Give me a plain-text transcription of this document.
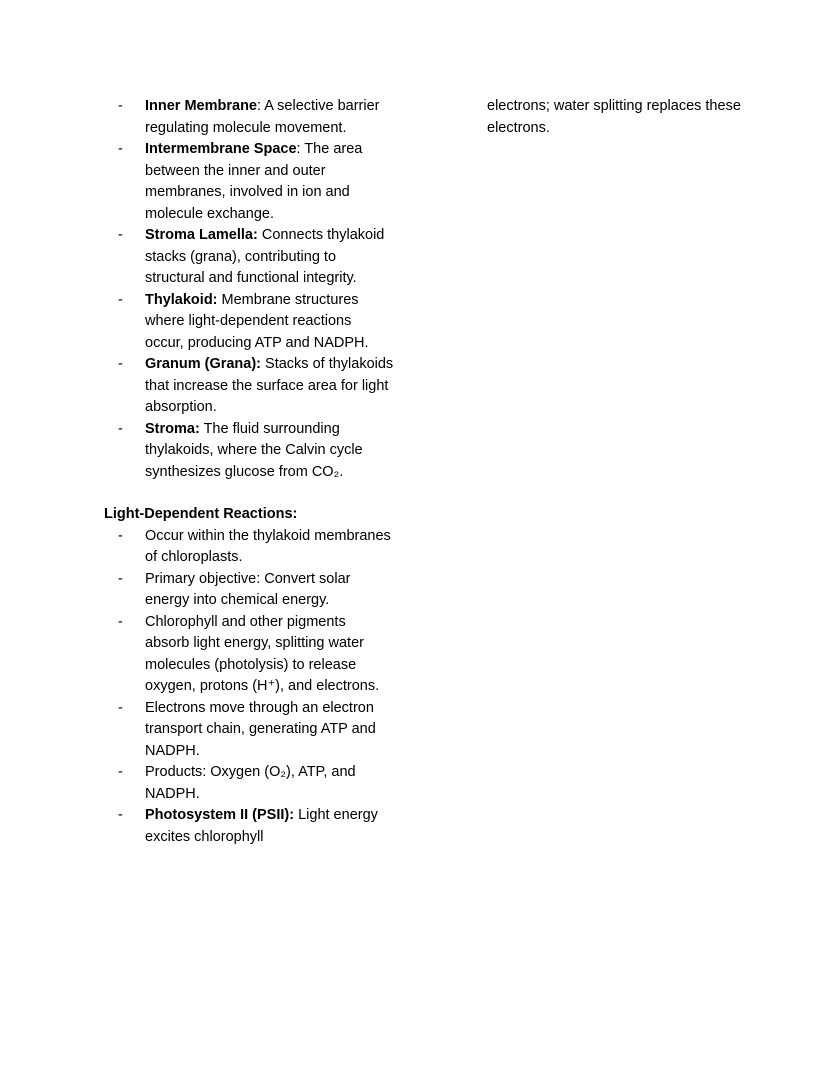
- Inner Membrane: A selective barrier regulating molecule movement.
- Intermembrane Space: The area between the inner and outer membranes, involved in ion and molecule exchange.
- Stroma Lamella: Connects thylakoid stacks (grana), contributing to structural and functional integrity.
- Thylakoid: Membrane structures where light-dependent reactions occur, producing ATP and NADPH.
- Granum (Grana): Stacks of thylakoids that increase the surface area for light absorption.
- Stroma: The fluid surrounding thylakoids, where the Calvin cycle synthesizes glucose from CO₂.
Light-Dependent Reactions:
- Occur within the thylakoid membranes of chloroplasts.
- Primary objective: Convert solar energy into chemical energy.
- Chlorophyll and other pigments absorb light energy, splitting water molecules (photolysis) to release oxygen, protons (H⁺), and electrons.
- Electrons move through an electron transport chain, generating ATP and NADPH.
- Products: Oxygen (O₂), ATP, and NADPH.
- Photosystem II (PSII): Light energy excites chlorophyll

electrons; water splitting replaces these electrons.
